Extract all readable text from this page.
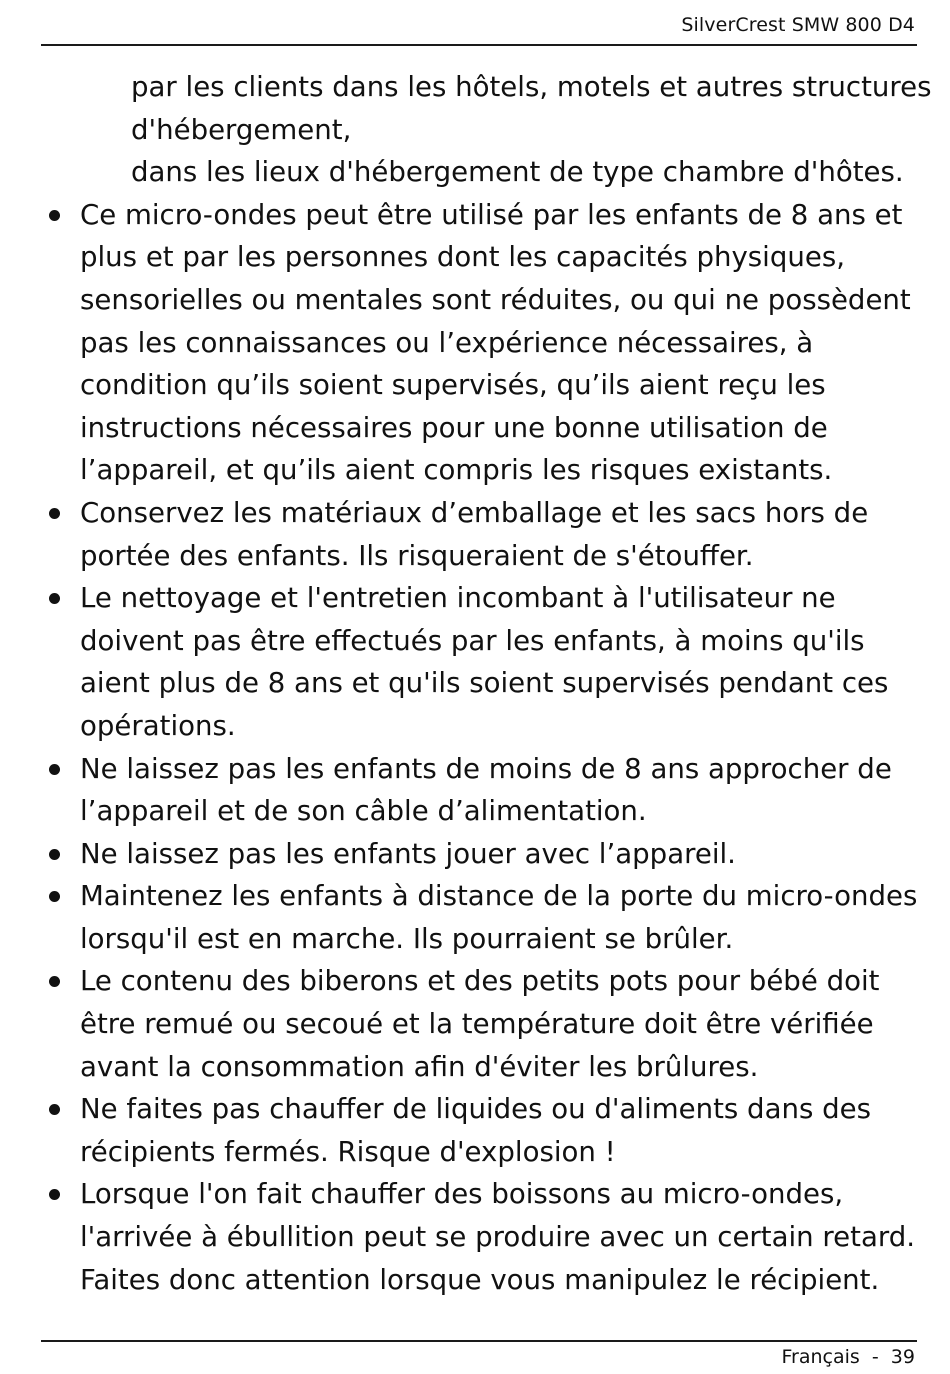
SilverCrest SMW 800 D4

par les clients dans les hôtels, motels et autres structures

d'hébergement,

dans les lieux d'hébergement de type chambre d'hôtes.

Ce micro-ondes peut être utilisé par les enfants de 8 ans et plus et par les personnes dont les capacités physiques, sensorielles ou mentales sont réduites, ou qui ne possèdent pas les connaissances ou l’expérience nécessaires, à condition qu’ils soient supervisés, qu’ils aient reçu les instructions nécessaires pour une bonne utilisation de l’appareil, et qu’ils aient compris les risques existants.
Conservez les matériaux d’emballage et les sacs hors de portée des enfants. Ils risqueraient de s'étouffer.
Le nettoyage et l'entretien incombant à l'utilisateur ne doivent pas être effectués par les enfants, à moins qu'ils aient plus de 8 ans et qu'ils soient supervisés pendant ces opérations.
Ne laissez pas les enfants de moins de 8 ans approcher de l’appareil et de son câble d’alimentation.
Ne laissez pas les enfants jouer avec l’appareil.
Maintenez les enfants à distance de la porte du micro-ondes lorsqu'il est en marche. Ils pourraient se brûler.
Le contenu des biberons et des petits pots pour bébé doit être remué ou secoué et la température doit être vérifiée avant la consommation afin d'éviter les brûlures.
Ne faites pas chauffer de liquides ou d'aliments dans des récipients fermés. Risque d'explosion !
Lorsque l'on fait chauffer des boissons au micro-ondes, l'arrivée à ébullition peut se produire avec un certain retard. Faites donc attention lorsque vous manipulez le récipient.
Français  -  39
